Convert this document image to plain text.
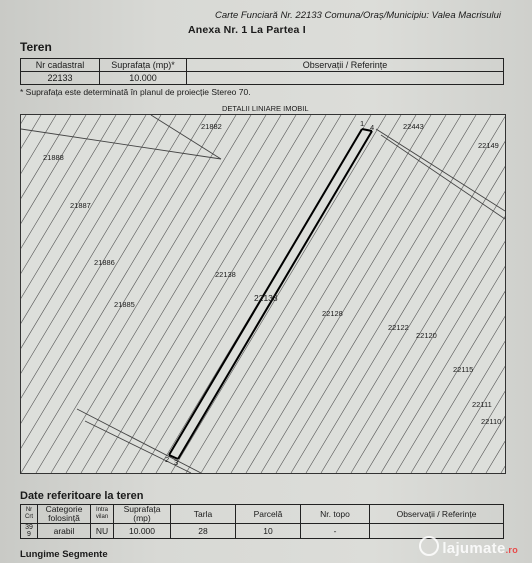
Carte Funciară Nr. 22133 Comuna/Oraș/Municipiu: Valea Macrisului
Anexa Nr. 1 La Partea I
Teren
Nr cadastral	Suprafața (mp)*	Observații / Referințe
22133	10.000	
* Suprafața este determinată în planul de proiecție Stereo 70.
DETALII LINIARE IMOBIL
21882	22443
22149
21888
21887
21886
22138
22133
21885
22128
22122
22120
22115
22111
22110
1 4
2 3
Date referitoare la teren
Nr Crt	Categorie folosință	Intra vilan	Suprafața (mp)	Tarla	Parcelă	Nr. topo	Observații / Referințe
39 9	arabil	NU	10.000	28	10	-	
Lungime Segmente	lajumate.ro
